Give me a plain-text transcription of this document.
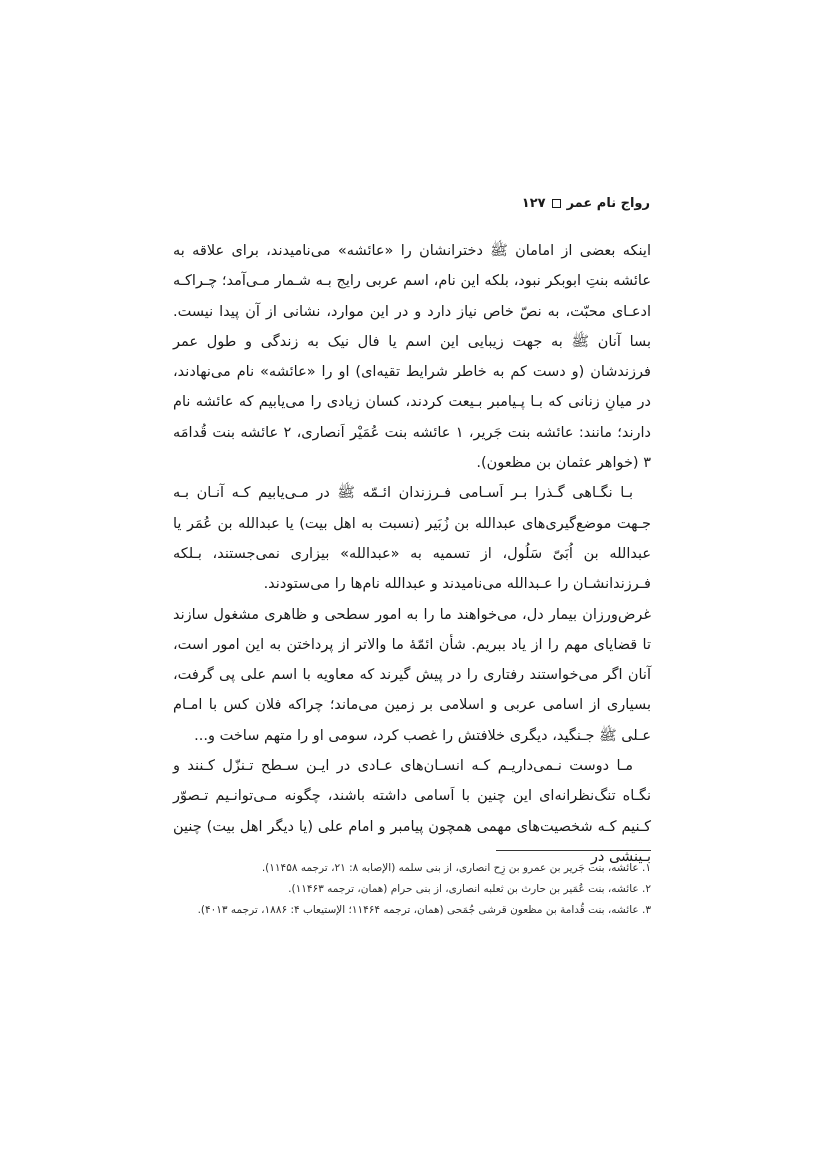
رواج نام عمر
۱۲۷

اینکه بعضی از امامان ﷺ دخترانشان را «عائشه» می‌نامیدند، برای علاقه به عائشه بنتِ ابوبکر نبود، بلکه این نام، اسم عربی رایج بـه شـمار مـی‌آمد؛ چـراکـه ادعـای محبّت، به نصّ خاص نیاز دارد و در این موارد، نشانی از آن پیدا نیست. بسا آنان ﷺ به جهت زیبایی این اسم یا فال نیک به زندگی و طول عمر فرزندشان (و دست کم به خاطر شرایط تقیه‌ای) او را «عائشه» نام می‌نهادند، در میانِ زنانی که بـا پـیامبر بـیعت کردند، کسان زیادی را می‌یابیم که عائشه نام دارند؛ مانند: عائشه بنت جَریر، ۱ عائشه بنت عُمَیْر اَنصاری، ۲ عائشه بنت قُدامَه ۳ (خواهر عثمان بن مظعون).

بـا نگـاهی گـذرا بـر اَسـامی فـرزندان ائـمّه ﷺ در مـی‌یابیم کـه آنـان بـه جـهت موضع‌گیری‌های عبدالله بن زُبَیر (نسبت به اهل بیت) یا عبدالله بن عُمَر یا عبدالله بن اُبَیّ سَلُول، از تسمیه به «عبدالله» بیزاری نمی‌جستند، بـلکه فـرزندانشـان را عـبدالله می‌نامیدند و عبدالله نام‌ها را می‌ستودند.

غرض‌ورزان بیمار دل، می‌خواهند ما را به امور سطحی و ظاهری مشغول سازند تا قضایای مهم را از یاد ببریم. شأن ائمّهٔ ما والاتر از پرداختن به این امور است، آنان اگر می‌خواستند رفتاری را در پیش گیرند که معاویه با اسم علی پی گرفت، بسیاری از اسامی عربی و اسلامی بر زمین می‌ماند؛ چراکه فلان کس با امـام عـلی ﷺ جـنگید، دیگری خلافتش را غصب کرد، سومی او را متهم ساخت و...

مـا دوست نـمی‌داریـم کـه انسـان‌های عـادی در ایـن سـطح تـنزّل کـنند و نگـاه تنگ‌نظرانه‌ای این چنین با اَسامی داشته باشند، چگونه مـی‌توانـیم تـصوّر کـنیم کـه شخصیت‌های مهمی همچون پیامبر و امام علی (یا دیگر اهل بیت) چنین بـینشی در

۱. عائشه، بنت جَریر بن عمرو بن زِح انصاری، از بنی سلمه (الإصابه ۸: ۲۱، ترجمه ۱۱۴۵۸).

۲. عائشه، بنت عُمَیر بن حارث بن ثعلبه انصاری، از بنی حرام (همان، ترجمه ۱۱۴۶۳).

۳. عائشه، بنت قُدامة بن مظعون قرشی جُمَحی (همان، ترجمه ۱۱۴۶۴؛ الإستیعاب ۴: ۱۸۸۶، ترجمه ۴۰۱۳).
